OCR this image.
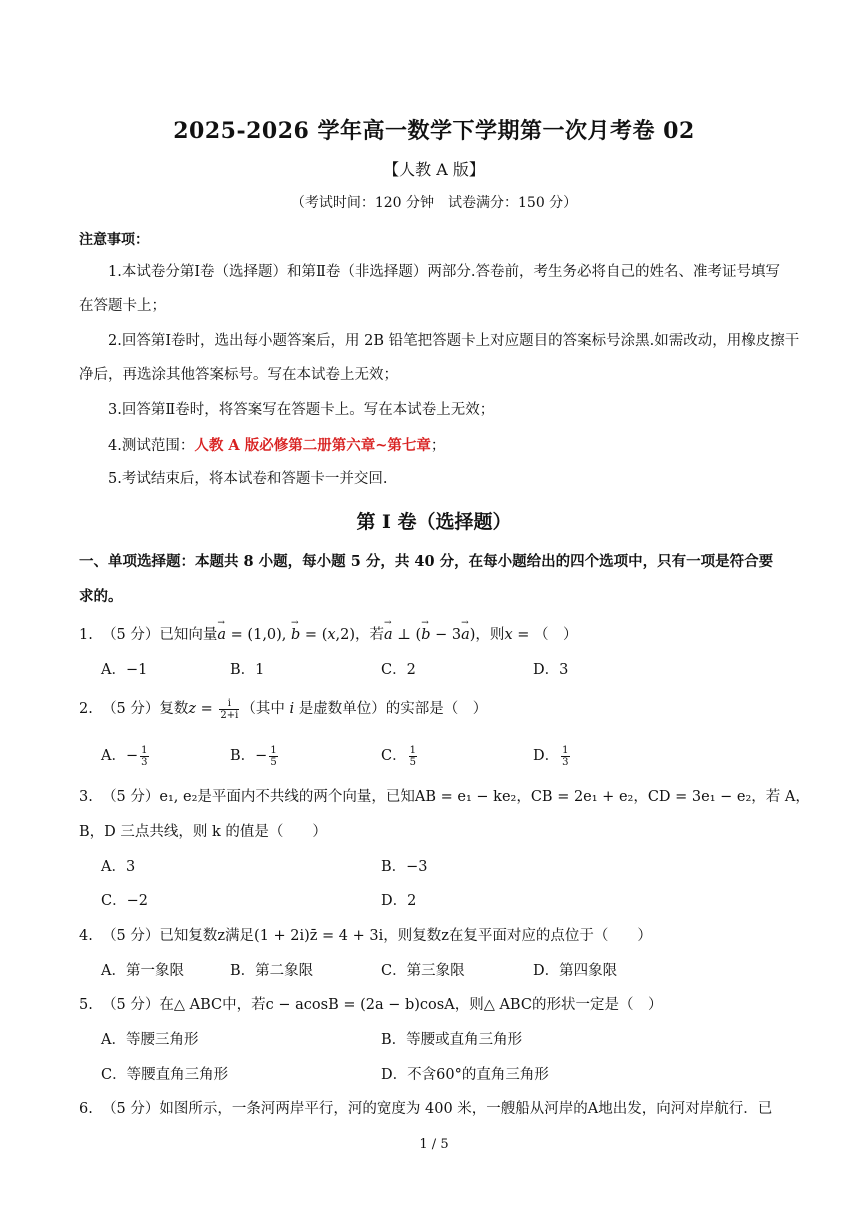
2025-2026 学年高一数学下学期第一次月考卷 02
【人教 A 版】
（考试时间：120 分钟　试卷满分：150 分）
注意事项：
1.本试卷分第Ⅰ卷（选择题）和第Ⅱ卷（非选择题）两部分.答卷前，考生务必将自己的姓名、准考证号填写
在答题卡上；
2.回答第Ⅰ卷时，选出每小题答案后，用 2B 铅笔把答题卡上对应题目的答案标号涂黑.如需改动，用橡皮擦干
净后，再选涂其他答案标号。写在本试卷上无效；
3.回答第Ⅱ卷时，将答案写在答题卡上。写在本试卷上无效；
4.测试范围：人教 A 版必修第二册第六章~第七章；
5.考试结束后，将本试卷和答题卡一并交回.
第 I 卷（选择题）
一、单项选择题：本题共 8 小题，每小题 5 分，共 40 分，在每小题给出的四个选项中，只有一项是符合要
求的。
1. （5 分）已知向量→ a = (1,0), → b = (x,2)，若→ a ⊥ (→ b − 3→ a)，则x = （　）
A．−1	B．1	C．2	D．3
2. （5 分）复数$z = \frac{i}{2+i}$ （其中 i 是虚数单位）的实部是（　）
A．− $\frac{1}{3}$	B．− $\frac{1}{5}$	C． $\frac{1}{5}$	D． $\frac{1}{3}$
3. （5 分）e₁, e₂是平面内不共线的两个向量，已知AB = e₁ − ke₂，CB = 2e₁ + e₂，CD = 3e₁ − e₂，若 A，
B，D 三点共线，则 k 的值是（　　）
A．3	B．−3
C．−2	D．2
4. （5 分）已知复数z满足(1 + 2i)z̄ = 4 + 3i，则复数z在复平面对应的点位于（　　）
A．第一象限	B．第二象限	C．第三象限	D．第四象限
5. （5 分）在△ ABC中，若c − acosB = (2a − b)cosA，则△ ABC的形状一定是（　）
A．等腰三角形	B．等腰或直角三角形
C．等腰直角三角形	D．不含60°的直角三角形
6. （5 分）如图所示，一条河两岸平行，河的宽度为 400 米，一艘船从河岸的A地出发，向河对岸航行．已
1 / 5
